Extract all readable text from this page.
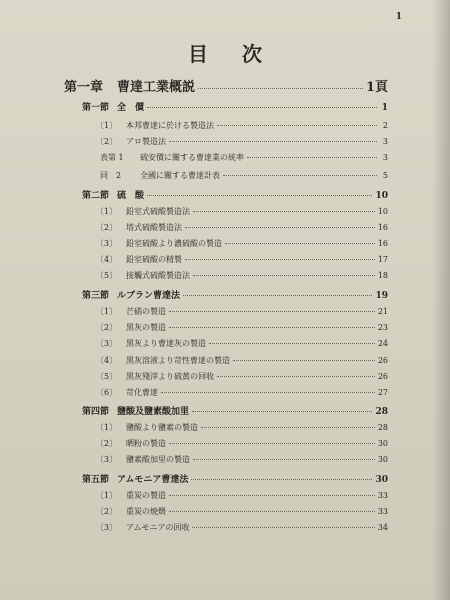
1
目次
第一章 曹達工業概説	1頁
第一節 全　價	1
〔1〕	本邦曹達に於ける製造法	2
〔2〕	アロ製造法	3
表第 1	硫安價に關する曹達業の統率	3
同　2	全國に關する曹達計表	5
第二節 硫　酸	10
〔1〕	鉛室式硫酸製造法	10
〔2〕	塔式硫酸製造法	16
〔3〕	鉛室硫酸より濃硫酸の製造	16
〔4〕	鉛室硫酸の精製	17
〔5〕	接觸式硫酸製造法	18
第三節 ルブラン曹達法	19
〔1〕	芒硝の製造	21
〔2〕	黑灰の製造	23
〔3〕	黑灰より曹達灰の製造	24
〔4〕	黑灰溶液より苛性曹達の製造	26
〔5〕	黑灰殘滓より硫黃の回收	26
〔6〕	苛化曹達	27
第四節 鹽酸及鹽素酸加里	28
〔1〕	鹽酸より鹽素の製造	28
〔2〕	晒粉の製造	30
〔3〕	鹽素酸加里の製造	30
第五節 アムモニア曹達法	30
〔1〕	重炭の製造	33
〔2〕	重炭の焼燬	33
〔3〕	アムモニアの回收	34
